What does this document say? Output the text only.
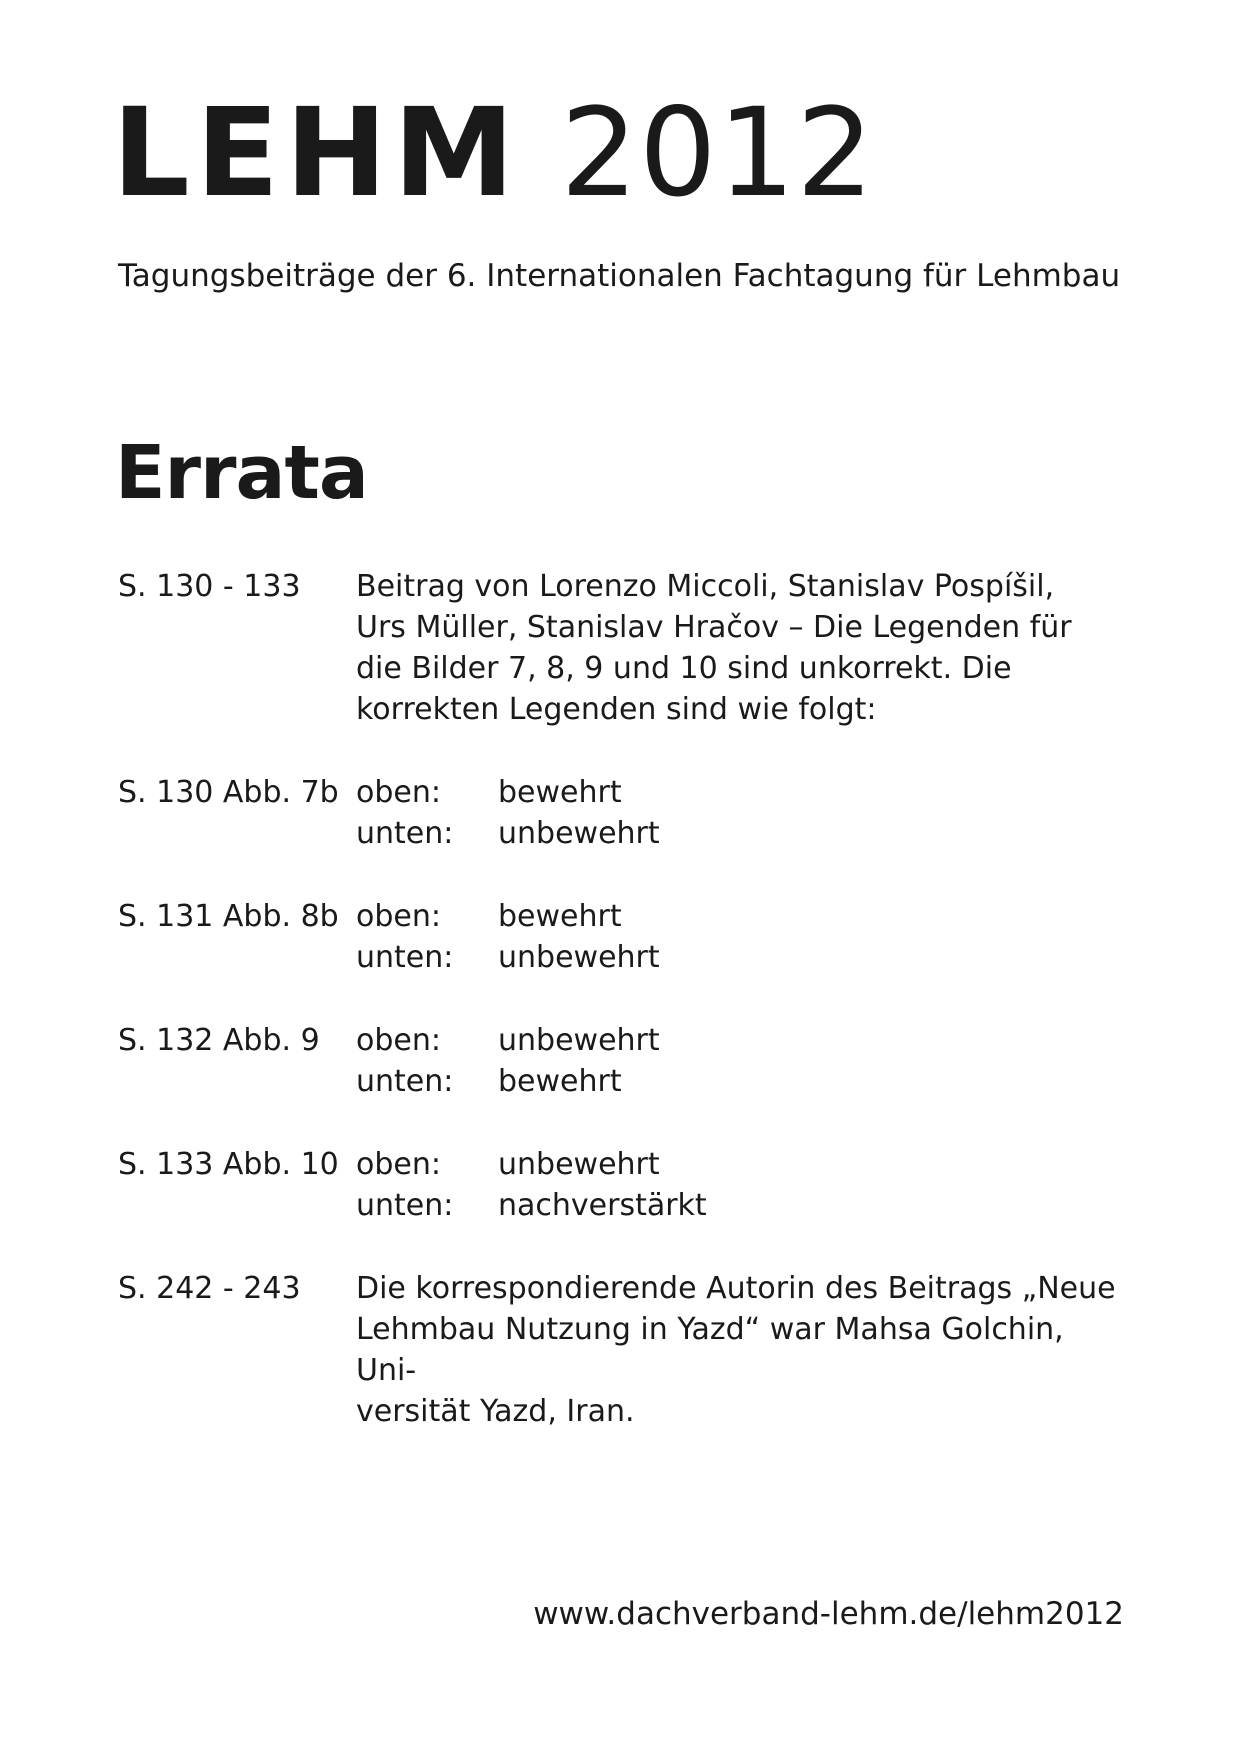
LEHM 2012
Tagungsbeiträge der 6. Internationalen Fachtagung für Lehmbau
Errata
S. 130 - 133	Beitrag von Lorenzo Miccoli, Stanislav Pospíšil,

Urs Müller, Stanislav Hračov – Die Legenden für

die Bilder 7, 8, 9 und 10 sind unkorrekt. Die

korrekten Legenden sind wie folgt:

S. 130 Abb. 7b oben:	bewehrt
unten:	unbewehrt
S. 131 Abb. 8b oben:	bewehrt
unten:	unbewehrt
S. 132 Abb. 9	oben:	unbewehrt
unten:	bewehrt
S. 133 Abb. 10 oben:	unbewehrt
unten:	nachverstärkt
S. 242 - 243	Die korrespondierende Autorin des Beitrags „Neue

Lehmbau Nutzung in Yazd“ war Mahsa Golchin, Uni-

versität Yazd, Iran.

www.dachverband-lehm.de/lehm2012
